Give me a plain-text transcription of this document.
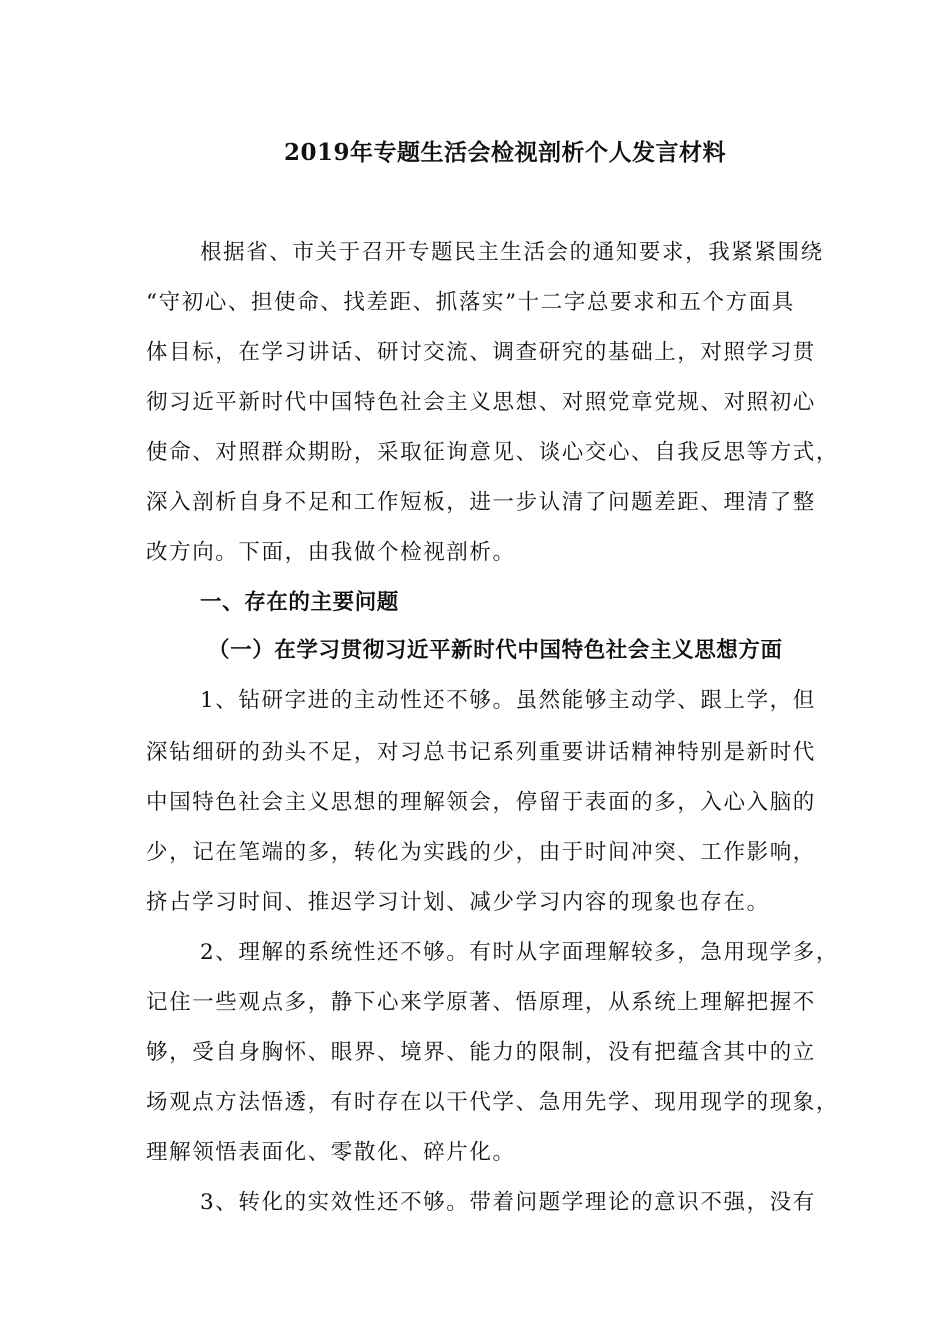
2019年专题生活会检视剖析个人发言材料
根据省、市关于召开专题民主生活会的通知要求，我紧紧围绕
“守初心、担使命、找差距、抓落实”十二字总要求和五个方面具
体目标，在学习讲话、研讨交流、调查研究的基础上，对照学习贯
彻习近平新时代中国特色社会主义思想、对照党章党规、对照初心
使命、对照群众期盼，采取征询意见、谈心交心、自我反思等方式，
深入剖析自身不足和工作短板，进一步认清了问题差距、理清了整
改方向。下面，由我做个检视剖析。
一、存在的主要问题
（一）在学习贯彻习近平新时代中国特色社会主义思想方面
1、钻研字进的主动性还不够。虽然能够主动学、跟上学，但
深钻细研的劲头不足，对习总书记系列重要讲话精神特别是新时代
中国特色社会主义思想的理解领会，停留于表面的多，入心入脑的
少，记在笔端的多，转化为实践的少，由于时间冲突、工作影响，
挤占学习时间、推迟学习计划、减少学习内容的现象也存在。
2、理解的系统性还不够。有时从字面理解较多，急用现学多，
记住一些观点多，静下心来学原著、悟原理，从系统上理解把握不
够，受自身胸怀、眼界、境界、能力的限制，没有把蕴含其中的立
场观点方法悟透，有时存在以干代学、急用先学、现用现学的现象，
理解领悟表面化、零散化、碎片化。
3、转化的实效性还不够。带着问题学理论的意识不强，没有
